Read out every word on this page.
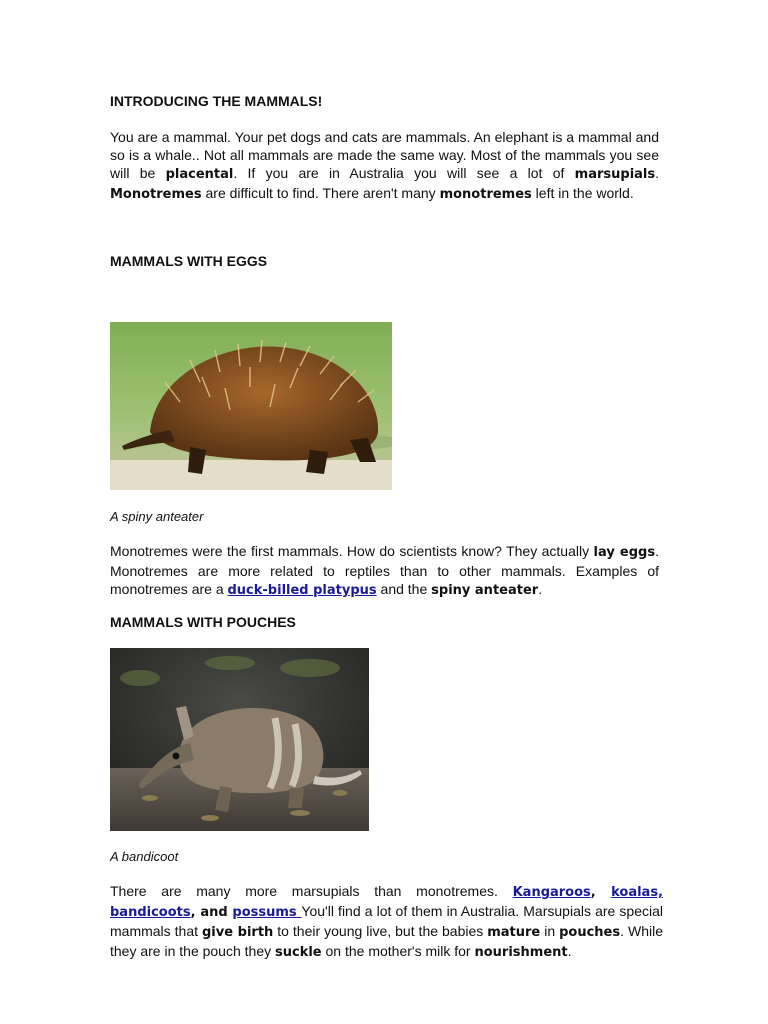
INTRODUCING THE MAMMALS!

You are a mammal. Your pet dogs and cats are mammals. An elephant is a mammal and so is a whale.. Not all mammals are made the same way. Most of the mammals you see will be placental. If you are in Australia you will see a lot of marsupials. Monotremes are difficult to find. There aren't many monotremes left in the world.

MAMMALS WITH EGGS

A spiny anteater

Monotremes were the first mammals. How do scientists know? They actually lay eggs. Monotremes are more related to reptiles than to other mammals. Examples of monotremes are a duck-billed platypus and the spiny anteater.

MAMMALS WITH POUCHES

A bandicoot

There are many more marsupials than monotremes. Kangaroos, koalas, bandicoots, and possums You'll find a lot of them in Australia. Marsupials are special mammals that give birth to their young live, but the babies mature in pouches. While they are in the pouch they suckle on the mother's milk for nourishment.
